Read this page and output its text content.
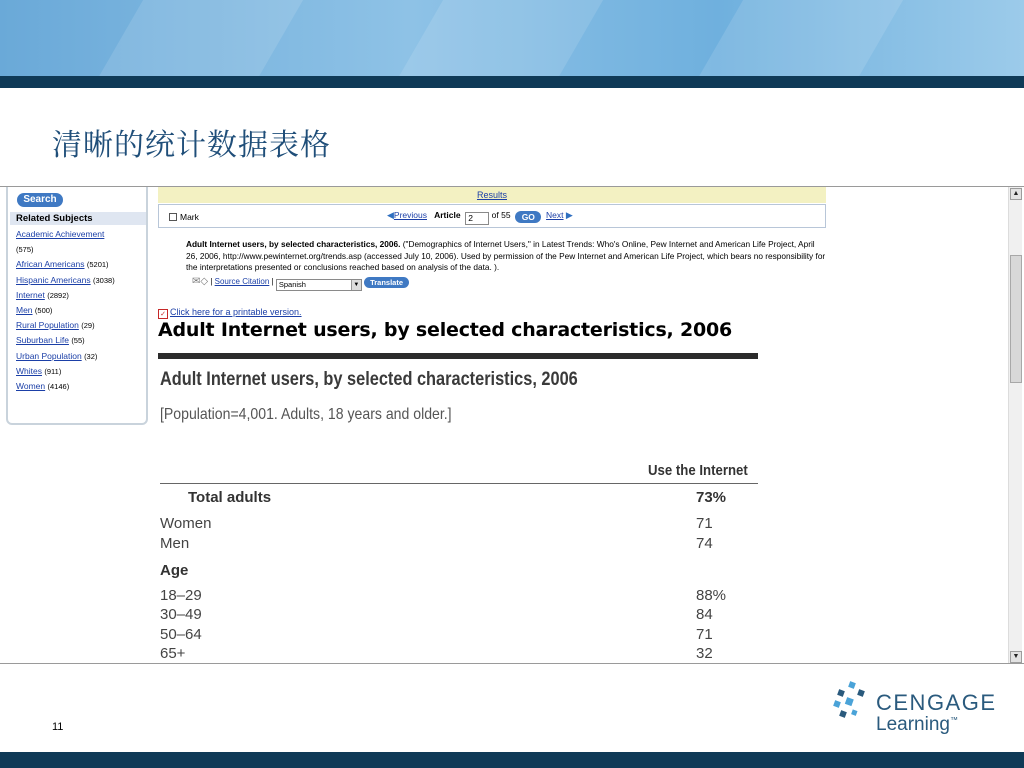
清晰的统计数据表格
Search
Related Subjects
Academic Achievement
(575)
African Americans (5201)
Hispanic Americans (3038)
Internet (2892)
Men (500)
Rural Population (29)
Suburban Life (55)
Urban Population (32)
Whites (911)
Women (4146)
Results
Mark	◀Previous Article 2 of 55 GO Next ▶
Adult Internet users, by selected characteristics, 2006. ("Demographics of Internet Users," in Latest Trends: Who's Online, Pew Internet and American Life Project, April 26, 2006, http://www.pewinternet.org/trends.asp (accessed July 10, 2006). Used by permission of the Pew Internet and American Life Project, which bears no responsibility for the interpretations presented or conclusions reached based on analysis of the data. ).
✉◇ | Source Citation | Spanish	▼ Translate
✓ Click here for a printable version.
Adult Internet users, by selected characteristics, 2006
Adult Internet users, by selected characteristics, 2006
[Population=4,001. Adults, 18 years and older.]
Use the Internet
Total adults	73%
Women	71
Men	74
Age
18–29	88%
30–49	84
50–64	71
65+	32
▲
▼
11
CENGAGE
Learning™
